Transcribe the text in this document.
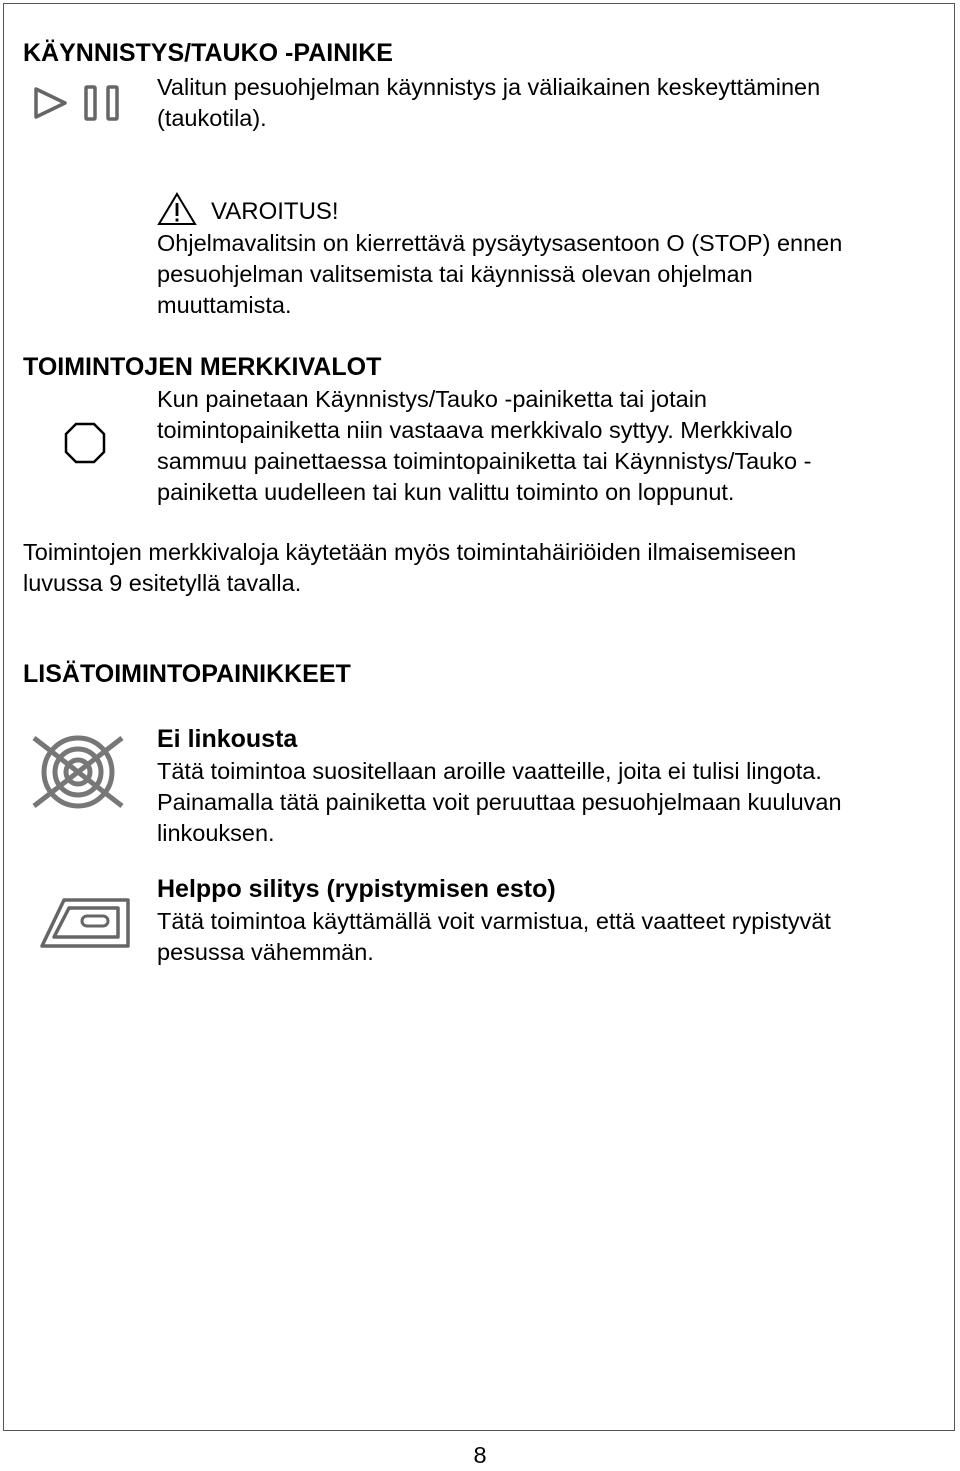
KÄYNNISTYS/TAUKO -PAINIKE
Valitun pesuohjelman käynnistys ja väliaikainen keskeyttäminen
(taukotila).
VAROITUS!
Ohjelmavalitsin on kierrettävä pysäytysasentoon O (STOP) ennen
pesuohjelman valitsemista tai käynnissä olevan ohjelman
muuttamista.
TOIMINTOJEN MERKKIVALOT
Kun painetaan Käynnistys/Tauko -painiketta tai jotain
toimintopainiketta niin vastaava merkkivalo syttyy. Merkkivalo
sammuu painettaessa toimintopainiketta tai Käynnistys/Tauko -
painiketta uudelleen tai kun valittu toiminto on loppunut.
Toimintojen merkkivaloja käytetään myös toimintahäiriöiden ilmaisemiseen
luvussa 9 esitetyllä tavalla.
LISÄTOIMINTOPAINIKKEET
Ei linkousta
Tätä toimintoa suositellaan aroille vaatteille, joita ei tulisi lingota.
Painamalla tätä painiketta voit peruuttaa pesuohjelmaan kuuluvan
linkouksen.
Helppo silitys (rypistymisen esto)
Tätä toimintoa käyttämällä voit varmistua, että vaatteet rypistyvät
pesussa vähemmän.
8
